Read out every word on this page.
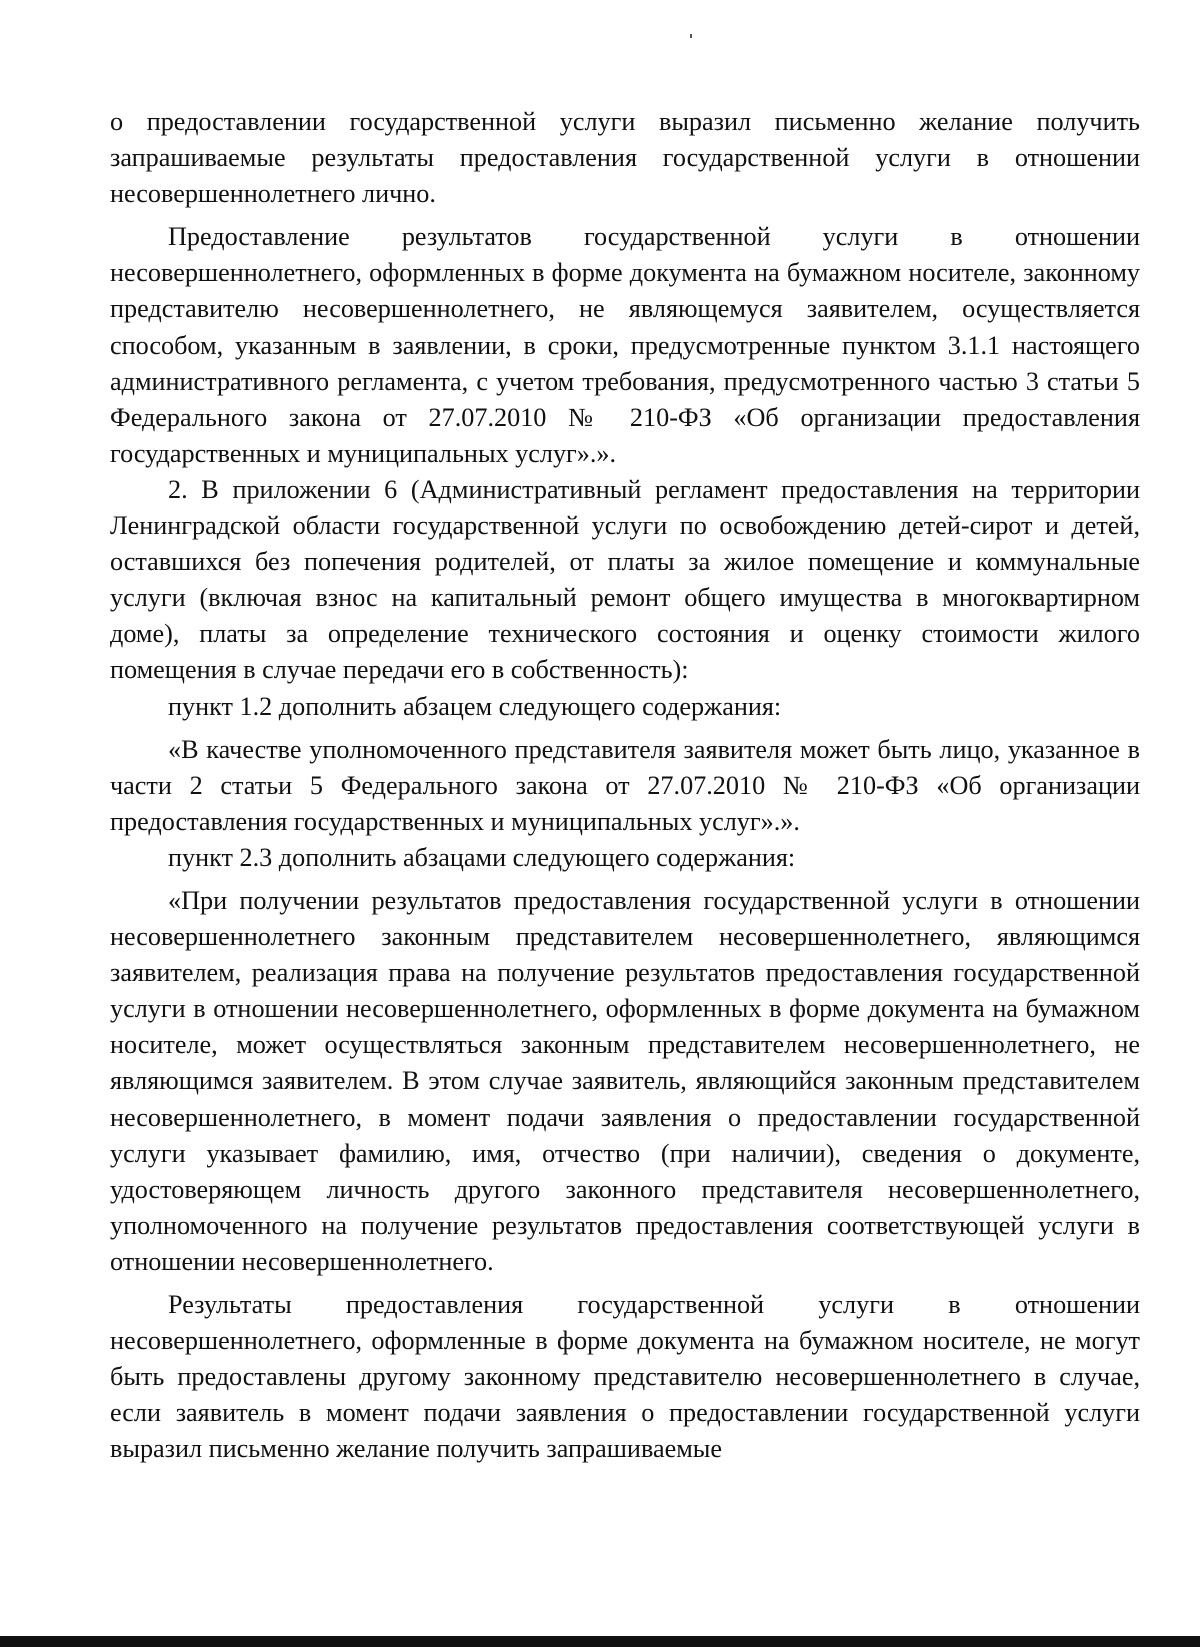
о предоставлении государственной услуги выразил письменно желание получить запрашиваемые результаты предоставления государственной услуги в отношении несовершеннолетнего лично.

Предоставление результатов государственной услуги в отношении несовершеннолетнего, оформленных в форме документа на бумажном носителе, законному представителю несовершеннолетнего, не являющемуся заявителем, осуществляется способом, указанным в заявлении, в сроки, предусмотренные пунктом 3.1.1 настоящего административного регламента, с учетом требования, предусмотренного частью 3 статьи 5 Федерального закона от 27.07.2010 № 210-ФЗ «Об организации предоставления государственных и муниципальных услуг».».

2. В приложении 6 (Административный регламент предоставления на территории Ленинградской области государственной услуги по освобождению детей-сирот и детей, оставшихся без попечения родителей, от платы за жилое помещение и коммунальные услуги (включая взнос на капитальный ремонт общего имущества в многоквартирном доме), платы за определение технического состояния и оценку стоимости жилого помещения в случае передачи его в собственность):

пункт 1.2 дополнить абзацем следующего содержания:

«В качестве уполномоченного представителя заявителя может быть лицо, указанное в части 2 статьи 5 Федерального закона от 27.07.2010 № 210-ФЗ «Об организации предоставления государственных и муниципальных услуг».».

пункт 2.3 дополнить абзацами следующего содержания:

«При получении результатов предоставления государственной услуги в отношении несовершеннолетнего законным представителем несовершеннолетнего, являющимся заявителем, реализация права на получение результатов предоставления государственной услуги в отношении несовершеннолетнего, оформленных в форме документа на бумажном носителе, может осуществляться законным представителем несовершеннолетнего, не являющимся заявителем. В этом случае заявитель, являющийся законным представителем несовершеннолетнего, в момент подачи заявления о предоставлении государственной услуги указывает фамилию, имя, отчество (при наличии), сведения о документе, удостоверяющем личность другого законного представителя несовершеннолетнего, уполномоченного на получение результатов предоставления соответствующей услуги в отношении несовершеннолетнего.

Результаты предоставления государственной услуги в отношении несовершеннолетнего, оформленные в форме документа на бумажном носителе, не могут быть предоставлены другому законному представителю несовершеннолетнего в случае, если заявитель в момент подачи заявления о предоставлении государственной услуги выразил письменно желание получить запрашиваемые
